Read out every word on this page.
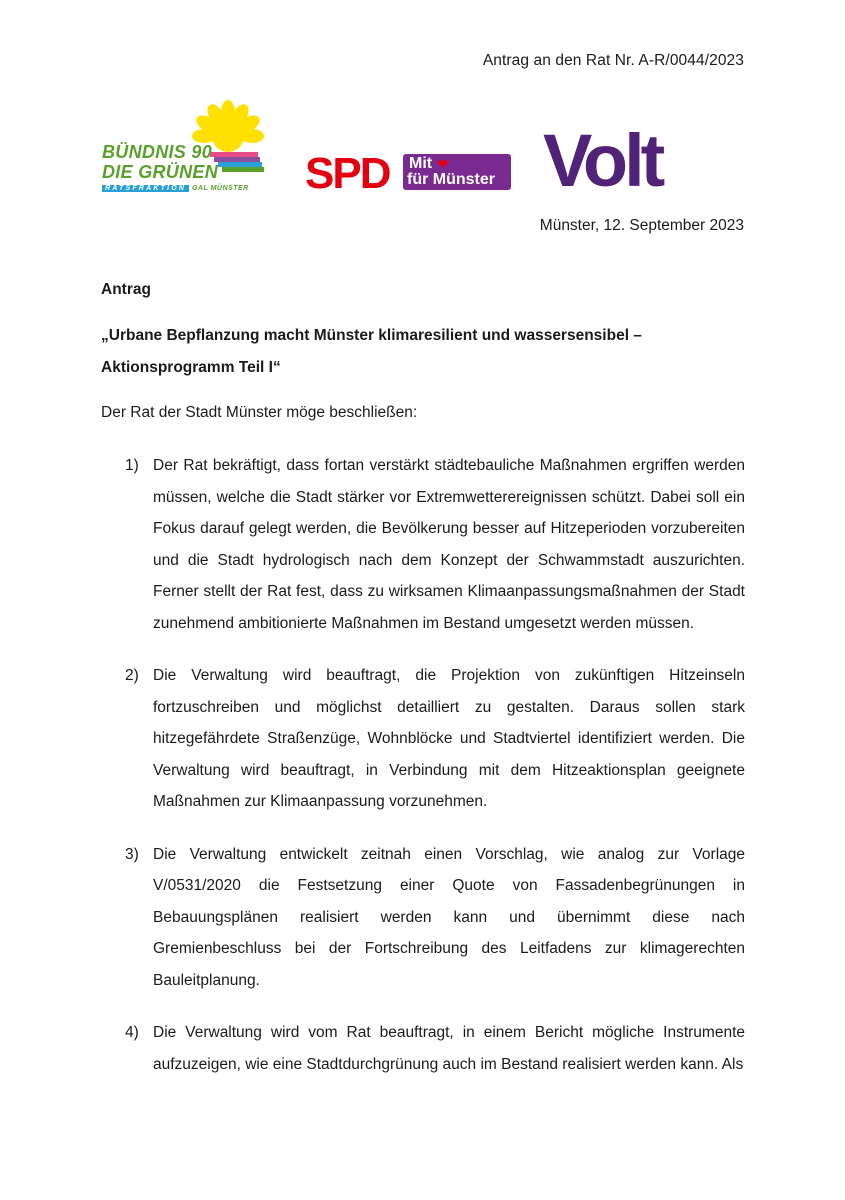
Antrag an den Rat Nr. A-R/0044/2023
BÜNDNIS 90
DIE GRÜNEN
RATSFRAKTION GAL MÜNSTER SPD Mit ❤
für Münster Volt
Münster, 12. September 2023
Antrag
„Urbane Bepflanzung macht Münster klimaresilient und wassersensibel – Aktionsprogramm Teil I“
Der Rat der Stadt Münster möge beschließen:
1) Der Rat bekräftigt, dass fortan verstärkt städtebauliche Maßnahmen ergriffen werden müssen, welche die Stadt stärker vor Extremwetterereignissen schützt. Dabei soll ein Fokus darauf gelegt werden, die Bevölkerung besser auf Hitzeperioden vorzubereiten und die Stadt hydrologisch nach dem Konzept der Schwammstadt auszurichten. Ferner stellt der Rat fest, dass zu wirksamen Klimaanpassungsmaßnahmen der Stadt zunehmend ambitionierte Maßnahmen im Bestand umgesetzt werden müssen.
2) Die Verwaltung wird beauftragt, die Projektion von zukünftigen Hitzeinseln fortzuschreiben und möglichst detailliert zu gestalten. Daraus sollen stark hitzegefährdete Straßenzüge, Wohnblöcke und Stadtviertel identifiziert werden. Die Verwaltung wird beauftragt, in Verbindung mit dem Hitzeaktionsplan geeignete Maßnahmen zur Klimaanpassung vorzunehmen.
3) Die Verwaltung entwickelt zeitnah einen Vorschlag, wie analog zur Vorlage V/0531/2020 die Festsetzung einer Quote von Fassadenbegrünungen in Bebauungsplänen realisiert werden kann und übernimmt diese nach Gremienbeschluss bei der Fortschreibung des Leitfadens zur klimagerechten Bauleitplanung.
4) Die Verwaltung wird vom Rat beauftragt, in einem Bericht mögliche Instrumente aufzuzeigen, wie eine Stadtdurchgrünung auch im Bestand realisiert werden kann. Als
